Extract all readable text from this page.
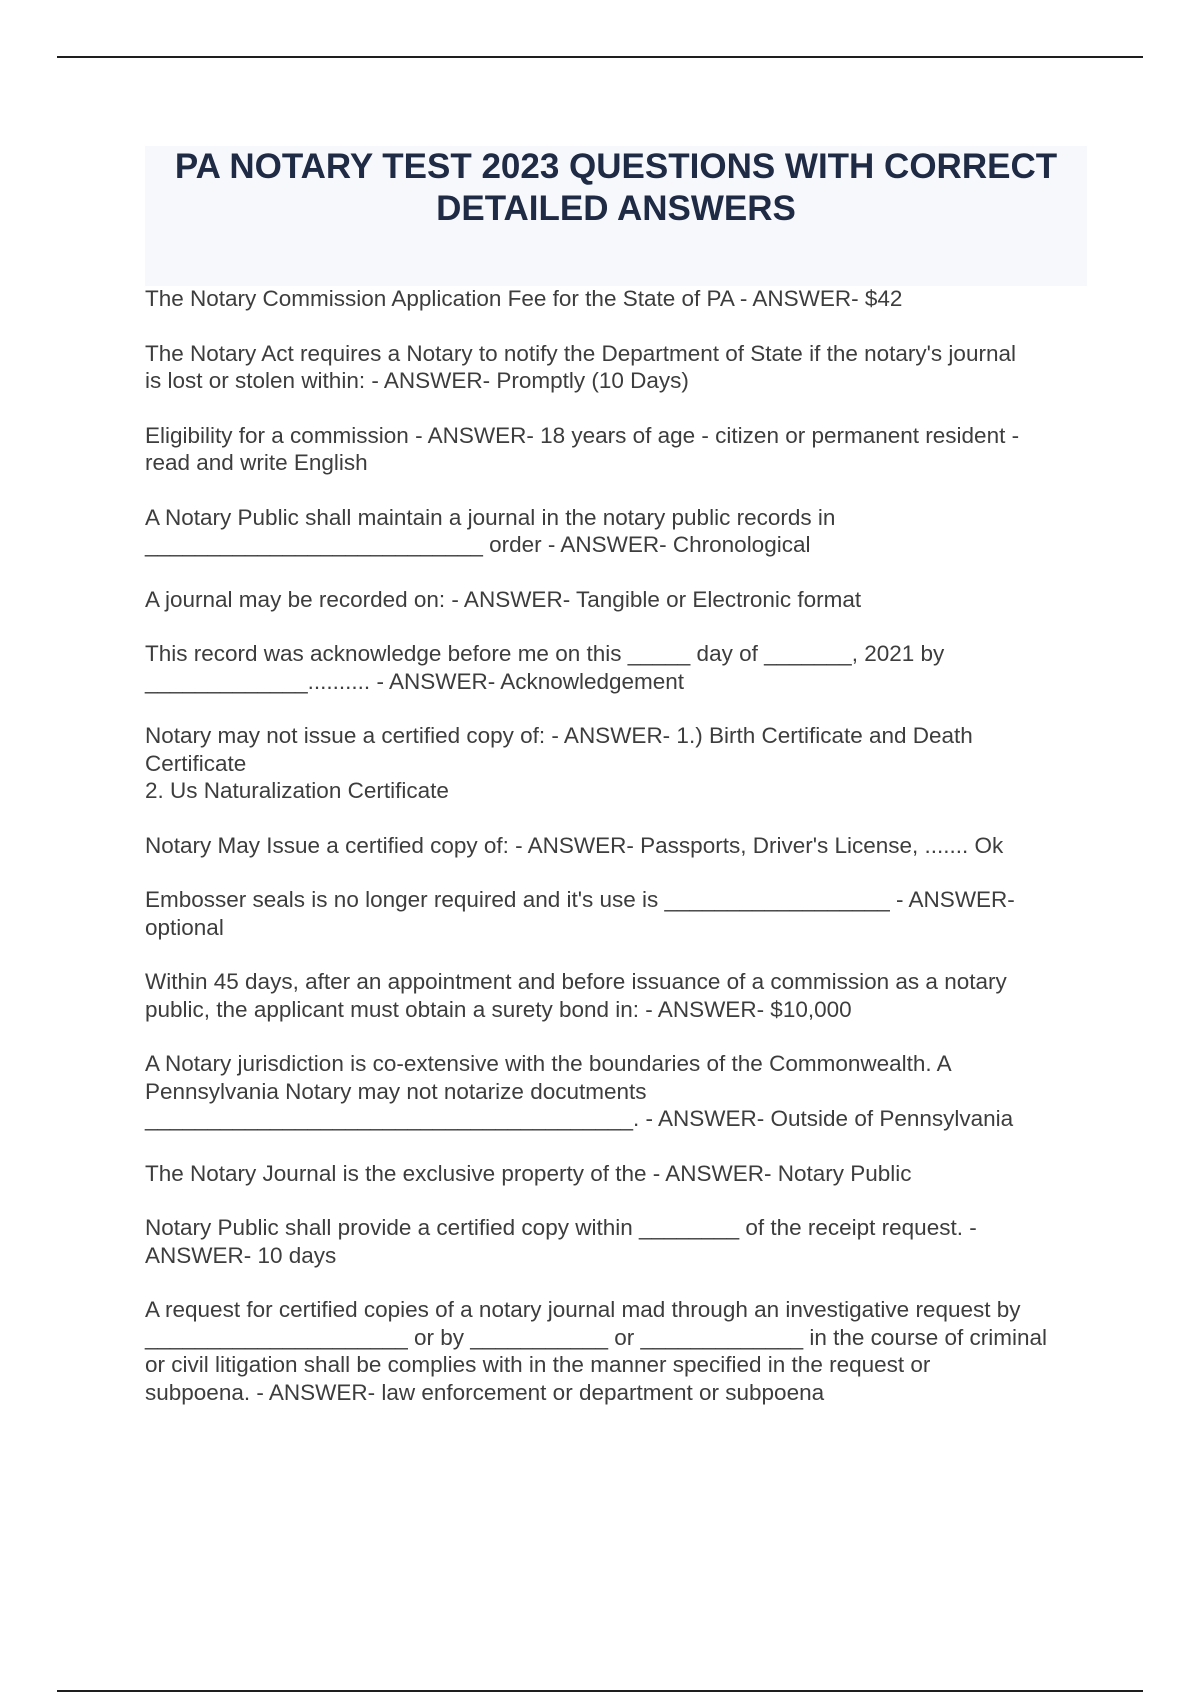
PA NOTARY TEST 2023 QUESTIONS WITH CORRECT DETAILED ANSWERS

The Notary Commission Application Fee for the State of PA - ANSWER- $42

The Notary Act requires a Notary to notify the Department of State if the notary's journal
is lost or stolen within: - ANSWER- Promptly (10 Days)

Eligibility for a commission - ANSWER- 18 years of age - citizen or permanent resident -
read and write English

A Notary Public shall maintain a journal in the notary public records in
___________________________ order - ANSWER- Chronological

A journal may be recorded on: - ANSWER- Tangible or Electronic format

This record was acknowledge before me on this _____ day of _______, 2021 by
_____________.......... - ANSWER- Acknowledgement

Notary may not issue a certified copy of: - ANSWER- 1.) Birth Certificate and Death
Certificate
2. Us Naturalization Certificate

Notary May Issue a certified copy of: - ANSWER- Passports, Driver's License, ....... Ok

Embosser seals is no longer required and it's use is __________________ - ANSWER-
optional

Within 45 days, after an appointment and before issuance of a commission as a notary
public, the applicant must obtain a surety bond in: - ANSWER- $10,000

A Notary jurisdiction is co-extensive with the boundaries of the Commonwealth. A
Pennsylvania Notary may not notarize docutments
_______________________________________. - ANSWER- Outside of Pennsylvania

The Notary Journal is the exclusive property of the - ANSWER- Notary Public

Notary Public shall provide a certified copy within ________ of the receipt request. -
ANSWER- 10 days

A request for certified copies of a notary journal mad through an investigative request by
_____________________ or by ___________ or _____________ in the course of criminal
or civil litigation shall be complies with in the manner specified in the request or
subpoena. - ANSWER- law enforcement or department or subpoena
